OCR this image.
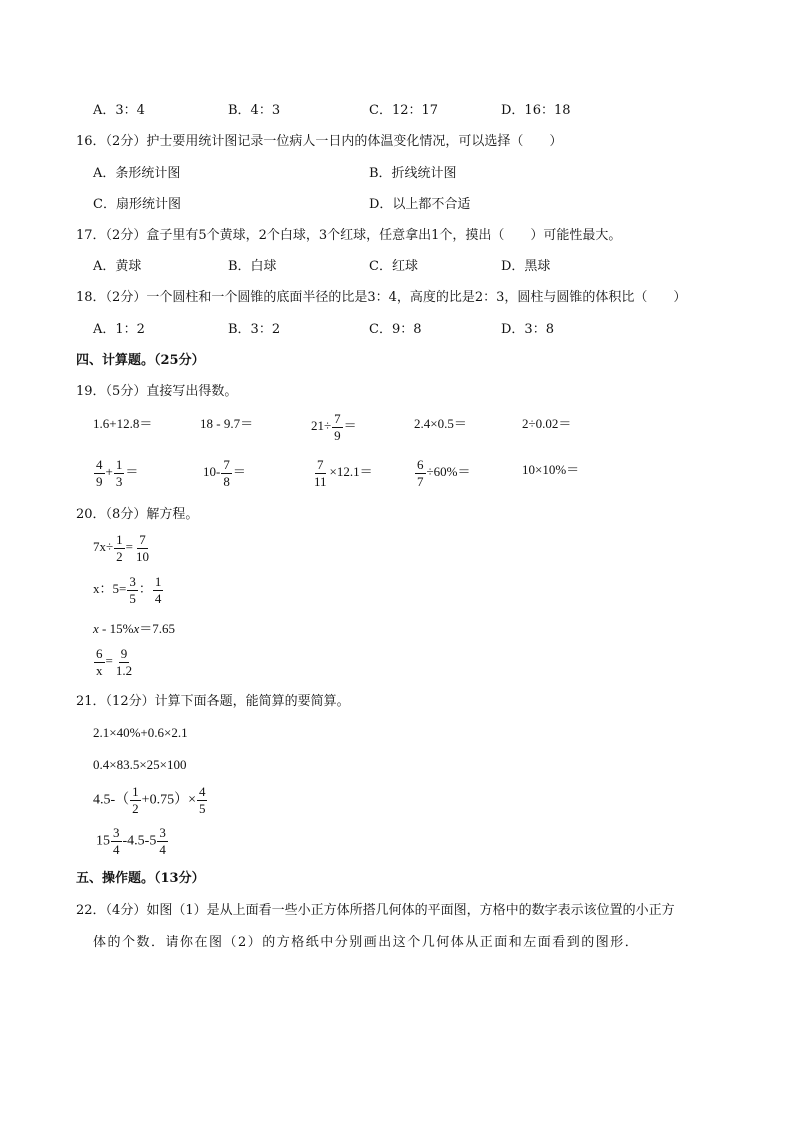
A．3：4	B．4：3	C．12：17	D．16：18
16．（2分）护士要用统计图记录一位病人一日内的体温变化情况，可以选择（　　）
A．条形统计图	B．折线统计图
C．扇形统计图	D．以上都不合适
17．（2分）盒子里有5个黄球，2个白球，3个红球，任意拿出1个，摸出（　　）可能性最大。
A．黄球	B．白球	C．红球	D．黑球
18．（2分）一个圆柱和一个圆锥的底面半径的比是3：4，高度的比是2：3，圆柱与圆锥的体积比（　　）
A．1：2	B．3：2	C．9：8	D．3：8
四、计算题。（25分）
19．（5分）直接写出得数。
1.6+12.8＝	18 - 9.7＝	$21\div \frac{7}{9}$ ＝	2.4×0.5＝	2÷0.02＝
$\frac{4}{9} + \frac{1}{3}$ ＝	$10- \frac{7}{8}$ ＝	$\frac{7}{11} \times 12.1=$	$\frac{6}{7} \div 60\%=$	10×10%＝
20．（8分）解方程。
$7x\div \frac{1}{2} = \frac{7}{10}$
x：$5= \frac{3}{5}$ ： $\frac{1}{4}$
x - 15%x＝7.65
$\frac{6}{x} = \frac{9}{1.2}$
21．（12分）计算下面各题，能简算的要简算。
2.1×40%+0.6×2.1
0.4×83.5×25×100
$4.5-( \frac{1}{2} +0.75)\times \frac{4}{5}$
$15 \frac{3}{4} -4.5-5 \frac{3}{4}$
五、操作题。（13分）
22．（4分）如图（1）是从上面看一些小正方体所搭几何体的平面图，方格中的数字表示该位置的小正方
体的个数．请你在图（2）的方格纸中分别画出这个几何体从正面和左面看到的图形．
